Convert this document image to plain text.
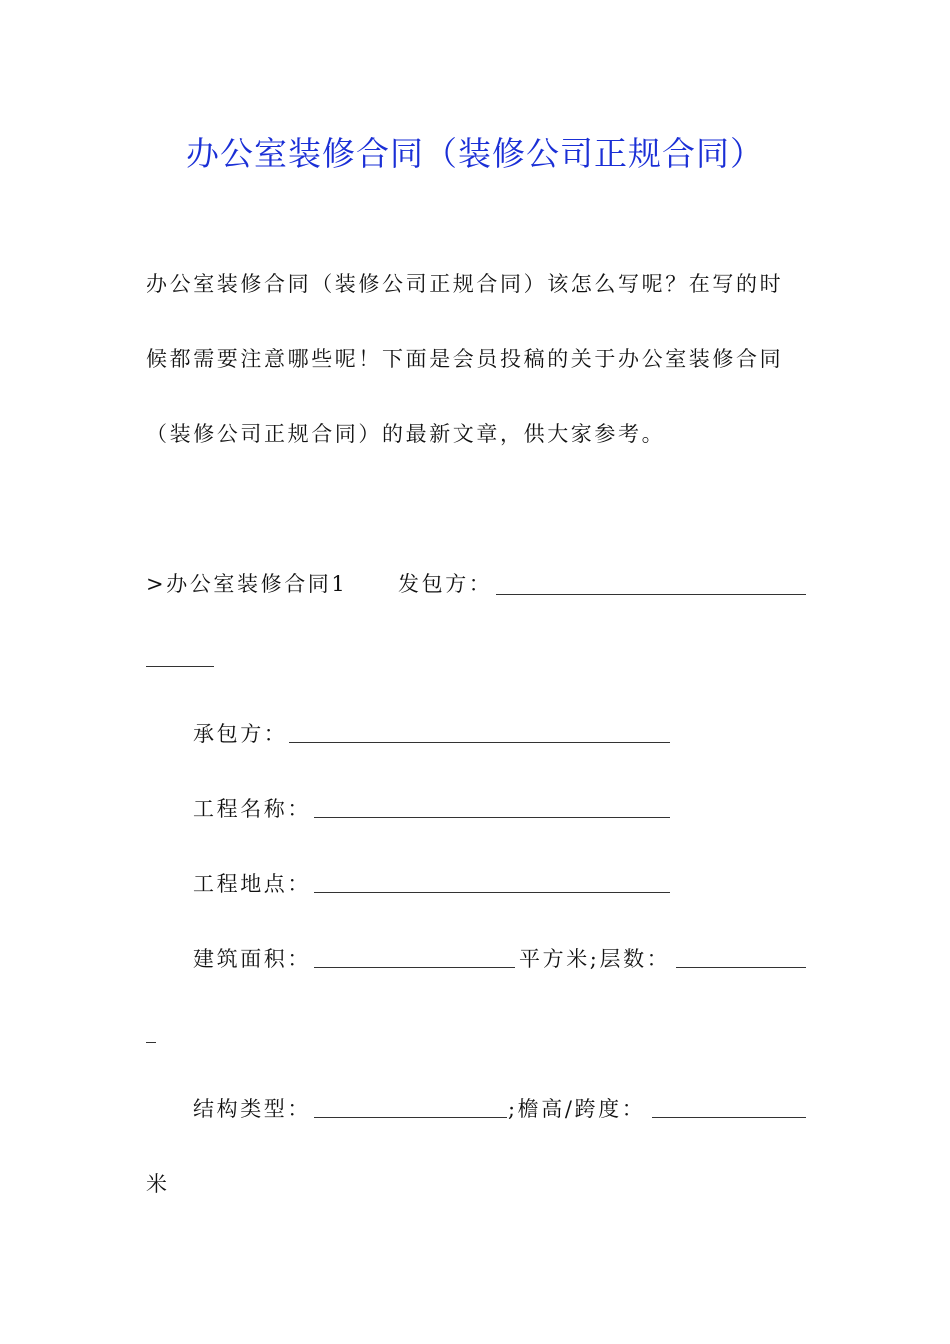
办公室装修合同（装修公司正规合同）
办公室装修合同（装修公司正规合同）该怎么写呢？在写的时
候都需要注意哪些呢！下面是会员投稿的关于办公室装修合同
（装修公司正规合同）的最新文章，供大家参考。
>办公室装修合同1 发包方：
承包方：
工程名称：
工程地点：
建筑面积：	平方米;层数：
结构类型：	;檐高/跨度：
米
